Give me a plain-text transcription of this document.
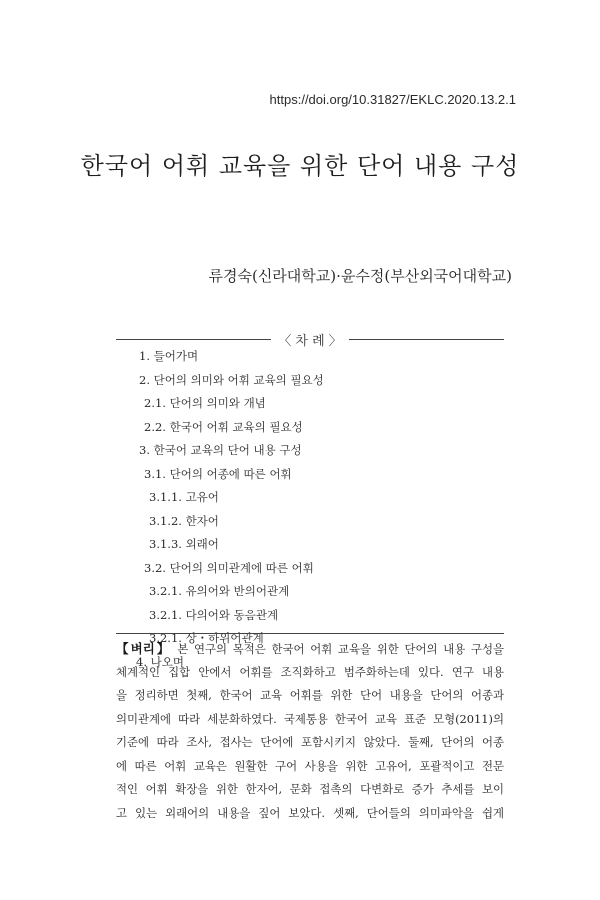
https://doi.org/10.31827/EKLC.2020.13.2.1
한국어 어휘 교육을 위한 단어 내용 구성
류경숙(신라대학교)·윤수정(부산외국어대학교)
〈 차 례 〉
1. 들어가며
2. 단어의 의미와 어휘 교육의 필요성
2.1. 단어의 의미와 개념
2.2. 한국어 어휘 교육의 필요성
3. 한국어 교육의 단어 내용 구성
3.1. 단어의 어종에 따른 어휘
3.1.1. 고유어
3.1.2. 한자어
3.1.3. 외래어
3.2. 단어의 의미관계에 따른 어휘
3.2.1. 유의어와 반의어관계
3.2.1. 다의어와 동음관계
3.2.1. 상・하위어관계
4. 나오며
【벼리】 본 연구의 목적은 한국어 어휘 교육을 위한 단어의 내용 구성을
체계적인 집합 안에서 어휘를 조직화하고 범주화하는데 있다. 연구 내용
을 정리하면 첫째, 한국어 교육 어휘를 위한 단어 내용을 단어의 어종과
의미관계에 따라 세분화하였다. 국제통용 한국어 교육 표준 모형(2011)의
기준에 따라 조사, 접사는 단어에 포함시키지 않았다. 둘째, 단어의 어종
에 따른 어휘 교육은 원활한 구어 사용을 위한 고유어, 포괄적이고 전문
적인 어휘 확장을 위한 한자어, 문화 접촉의 다변화로 증가 추세를 보이
고 있는 외래어의 내용을 짚어 보았다. 셋째, 단어들의 의미파악을 쉽게
